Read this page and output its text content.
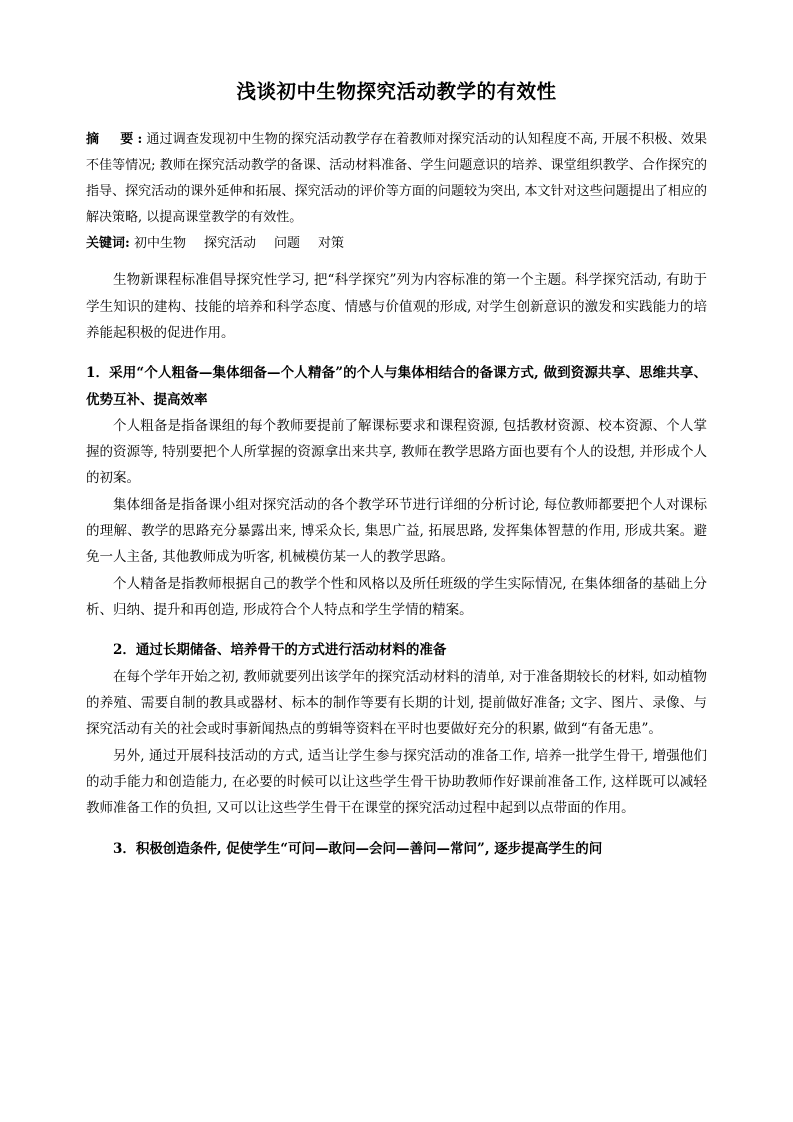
浅谈初中生物探究活动教学的有效性
摘　要:通过调查发现初中生物的探究活动教学存在着教师对探究活动的认知程度不高, 开展不积极、效果不佳等情况; 教师在探究活动教学的备课、活动材料准备、学生问题意识的培养、课堂组织教学、合作探究的指导、探究活动的课外延伸和拓展、探究活动的评价等方面的问题较为突出, 本文针对这些问题提出了相应的解决策略, 以提高课堂教学的有效性。
关键词: 初中生物 探究活动 问题 对策

生物新课程标准倡导探究性学习, 把“科学探究”列为内容标准的第一个主题。科学探究活动, 有助于学生知识的建构、技能的培养和科学态度、情感与价值观的形成, 对学生创新意识的激发和实践能力的培养能起积极的促进作用。

1．采用“个人粗备—集体细备—个人精备”的个人与集体相结合的备课方式, 做到资源共享、思维共享、优势互补、提高效率

个人粗备是指备课组的每个教师要提前了解课标要求和课程资源, 包括教材资源、校本资源、个人掌握的资源等, 特别要把个人所掌握的资源拿出来共享, 教师在教学思路方面也要有个人的设想, 并形成个人的初案。

集体细备是指备课小组对探究活动的各个教学环节进行详细的分析讨论, 每位教师都要把个人对课标的理解、教学的思路充分暴露出来, 博采众长, 集思广益, 拓展思路, 发挥集体智慧的作用, 形成共案。避免一人主备, 其他教师成为听客, 机械模仿某一人的教学思路。

个人精备是指教师根据自己的教学个性和风格以及所任班级的学生实际情况, 在集体细备的基础上分析、归纳、提升和再创造, 形成符合个人特点和学生学情的精案。

2．通过长期储备、培养骨干的方式进行活动材料的准备

在每个学年开始之初, 教师就要列出该学年的探究活动材料的清单, 对于准备期较长的材料, 如动植物的养殖、需要自制的教具或器材、标本的制作等要有长期的计划, 提前做好准备; 文字、图片、录像、与探究活动有关的社会或时事新闻热点的剪辑等资料在平时也要做好充分的积累, 做到“有备无患”。

另外, 通过开展科技活动的方式, 适当让学生参与探究活动的准备工作, 培养一批学生骨干, 增强他们的动手能力和创造能力, 在必要的时候可以让这些学生骨干协助教师作好课前准备工作, 这样既可以减轻教师准备工作的负担, 又可以让这些学生骨干在课堂的探究活动过程中起到以点带面的作用。

3．积极创造条件, 促使学生“可问—敢问—会问—善问—常问”, 逐步提高学生的问
